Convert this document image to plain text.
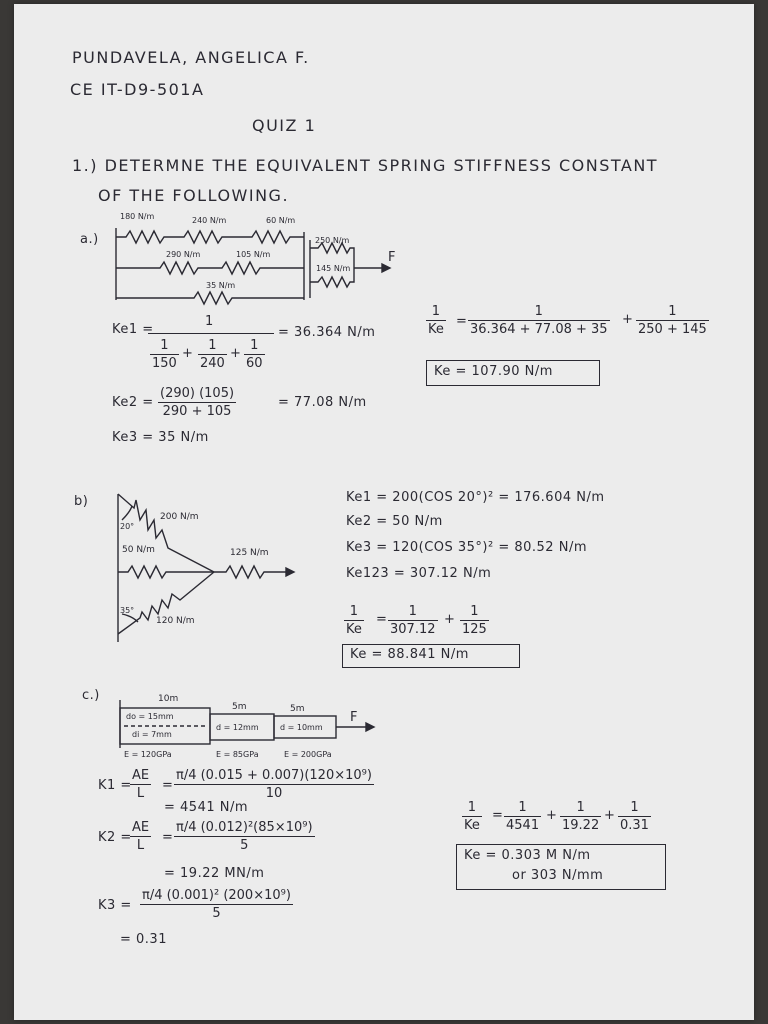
PUNDAVELA, ANGELICA F.
CE IT-D9-501A
QUIZ 1
1.) DETERMNE THE EQUIVALENT SPRING STIFFNESS CONSTANT
OF THE FOLLOWING.
a.)
180 N/m	240 N/m	60 N/m
250 N/m
290 N/m	105 N/m
145 N/m
35 N/m
F
Ke1 =
1
$\frac{1}{150} + \frac{1}{240} + \frac{1}{60}$
= 36.364 N/m
$Ke2 = \frac{(290) (105)}{290 + 105}$	= 77.08 N/m
Ke3 = 35 N/m
$\frac{1}{Ke} = \frac{1}{36.364 + 77.08 + 35} + \frac{1}{250 + 145}$
Ke = 107.90 N/m
b)
200 N/m
50 N/m	125 N/m
120 N/m
20°
35°
Ke1 = 200(COS 20°)² = 176.604 N/m
Ke2 = 50 N/m
Ke3 = 120(COS 35°)² = 80.52 N/m
Ke123 = 307.12 N/m
$\frac{1}{Ke} = \frac{1}{307.12} + \frac{1}{125}$
Ke = 88.841 N/m
c.)	10m
5m	5m
do = 15mm
di = 7mm
d = 12mm	d = 10mm
F
E = 120GPa	E = 85GPa	E = 200GPa
K1 =
$\frac{AE}{L} = \frac{\text{π/4 (0.015 + 0.007)(120×10⁹)}}{10}$
= 4541 N/m
K2 =
$\frac{AE}{L} = \frac{\text{π/4 (0.012)²(85×10⁹)}}{5}$
= 19.22 MN/m
$K3 = \frac{\text{π/4 (0.001)² (200×10⁹)}}{5}$
= 0.31
$\frac{1}{Ke} = \frac{1}{4541} + \frac{1}{19.22} + \frac{1}{0.31}$
Ke = 0.303 M N/m
or 303 N/mm
